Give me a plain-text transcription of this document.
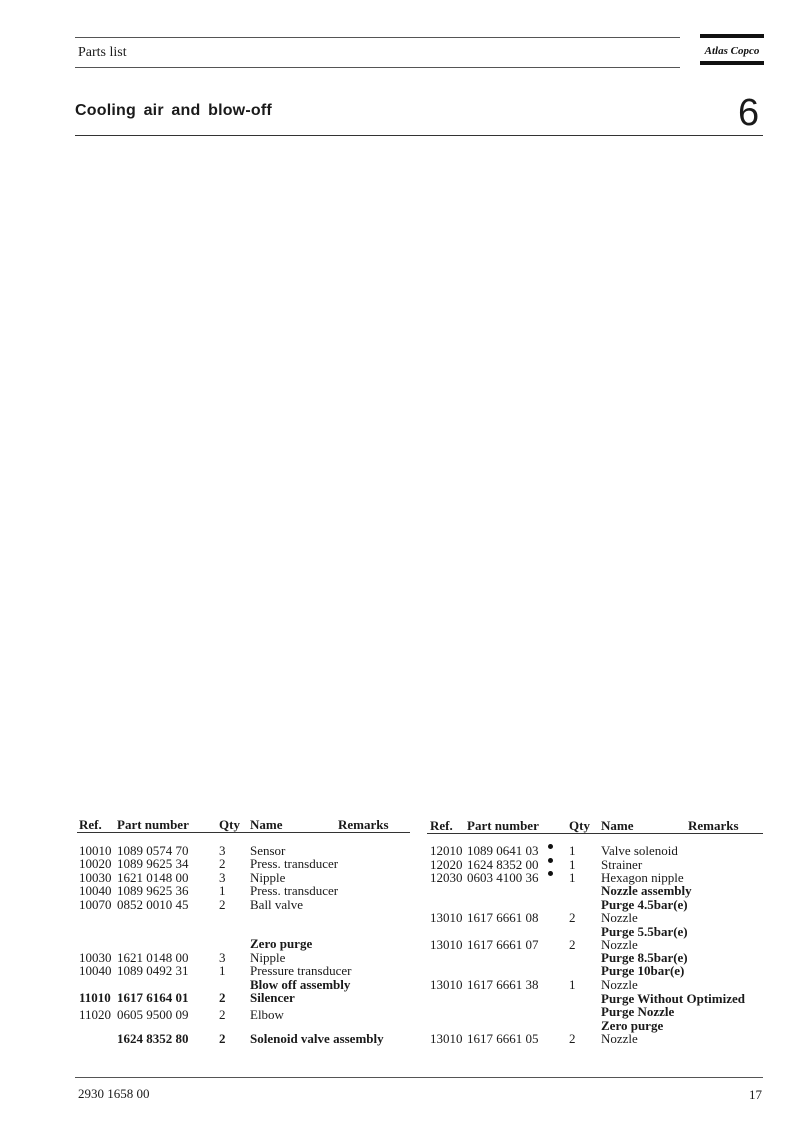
Parts list	Atlas Copco
Cooling air and blow-off	6
Ref. Part number Qty Name	Remarks	Ref. Part number Qty Name	Remarks
10010 1089 0574 70 3 Sensor
10020 1089 9625 34 2 Press. transducer
10030 1621 0148 00 3 Nipple
10040 1089 9625 36 1 Press. transducer
10070 0852 0010 45 2 Ball valve
Zero purge
10030 1621 0148 00 3 Nipple
10040 1089 0492 31 1 Pressure transducer
Blow off assembly
11010 1617 6164 01 2 Silencer
11020 0605 9500 09 2 Elbow
1624 8352 80 2 Solenoid valve assembly
12010 1089 0641 03 1 Valve solenoid
12020 1624 8352 00 1 Strainer
12030 0603 4100 36 1 Hexagon nipple
Nozzle assembly
Purge 4.5bar(e)
13010 1617 6661 08 2 Nozzle
Purge 5.5bar(e)
13010 1617 6661 07 2 Nozzle
Purge 8.5bar(e)
Purge 10bar(e)
13010 1617 6661 38 1 Nozzle
Purge Without Optimized
Purge Nozzle
Zero purge
13010 1617 6661 05 2 Nozzle
2930 1658 00	17
